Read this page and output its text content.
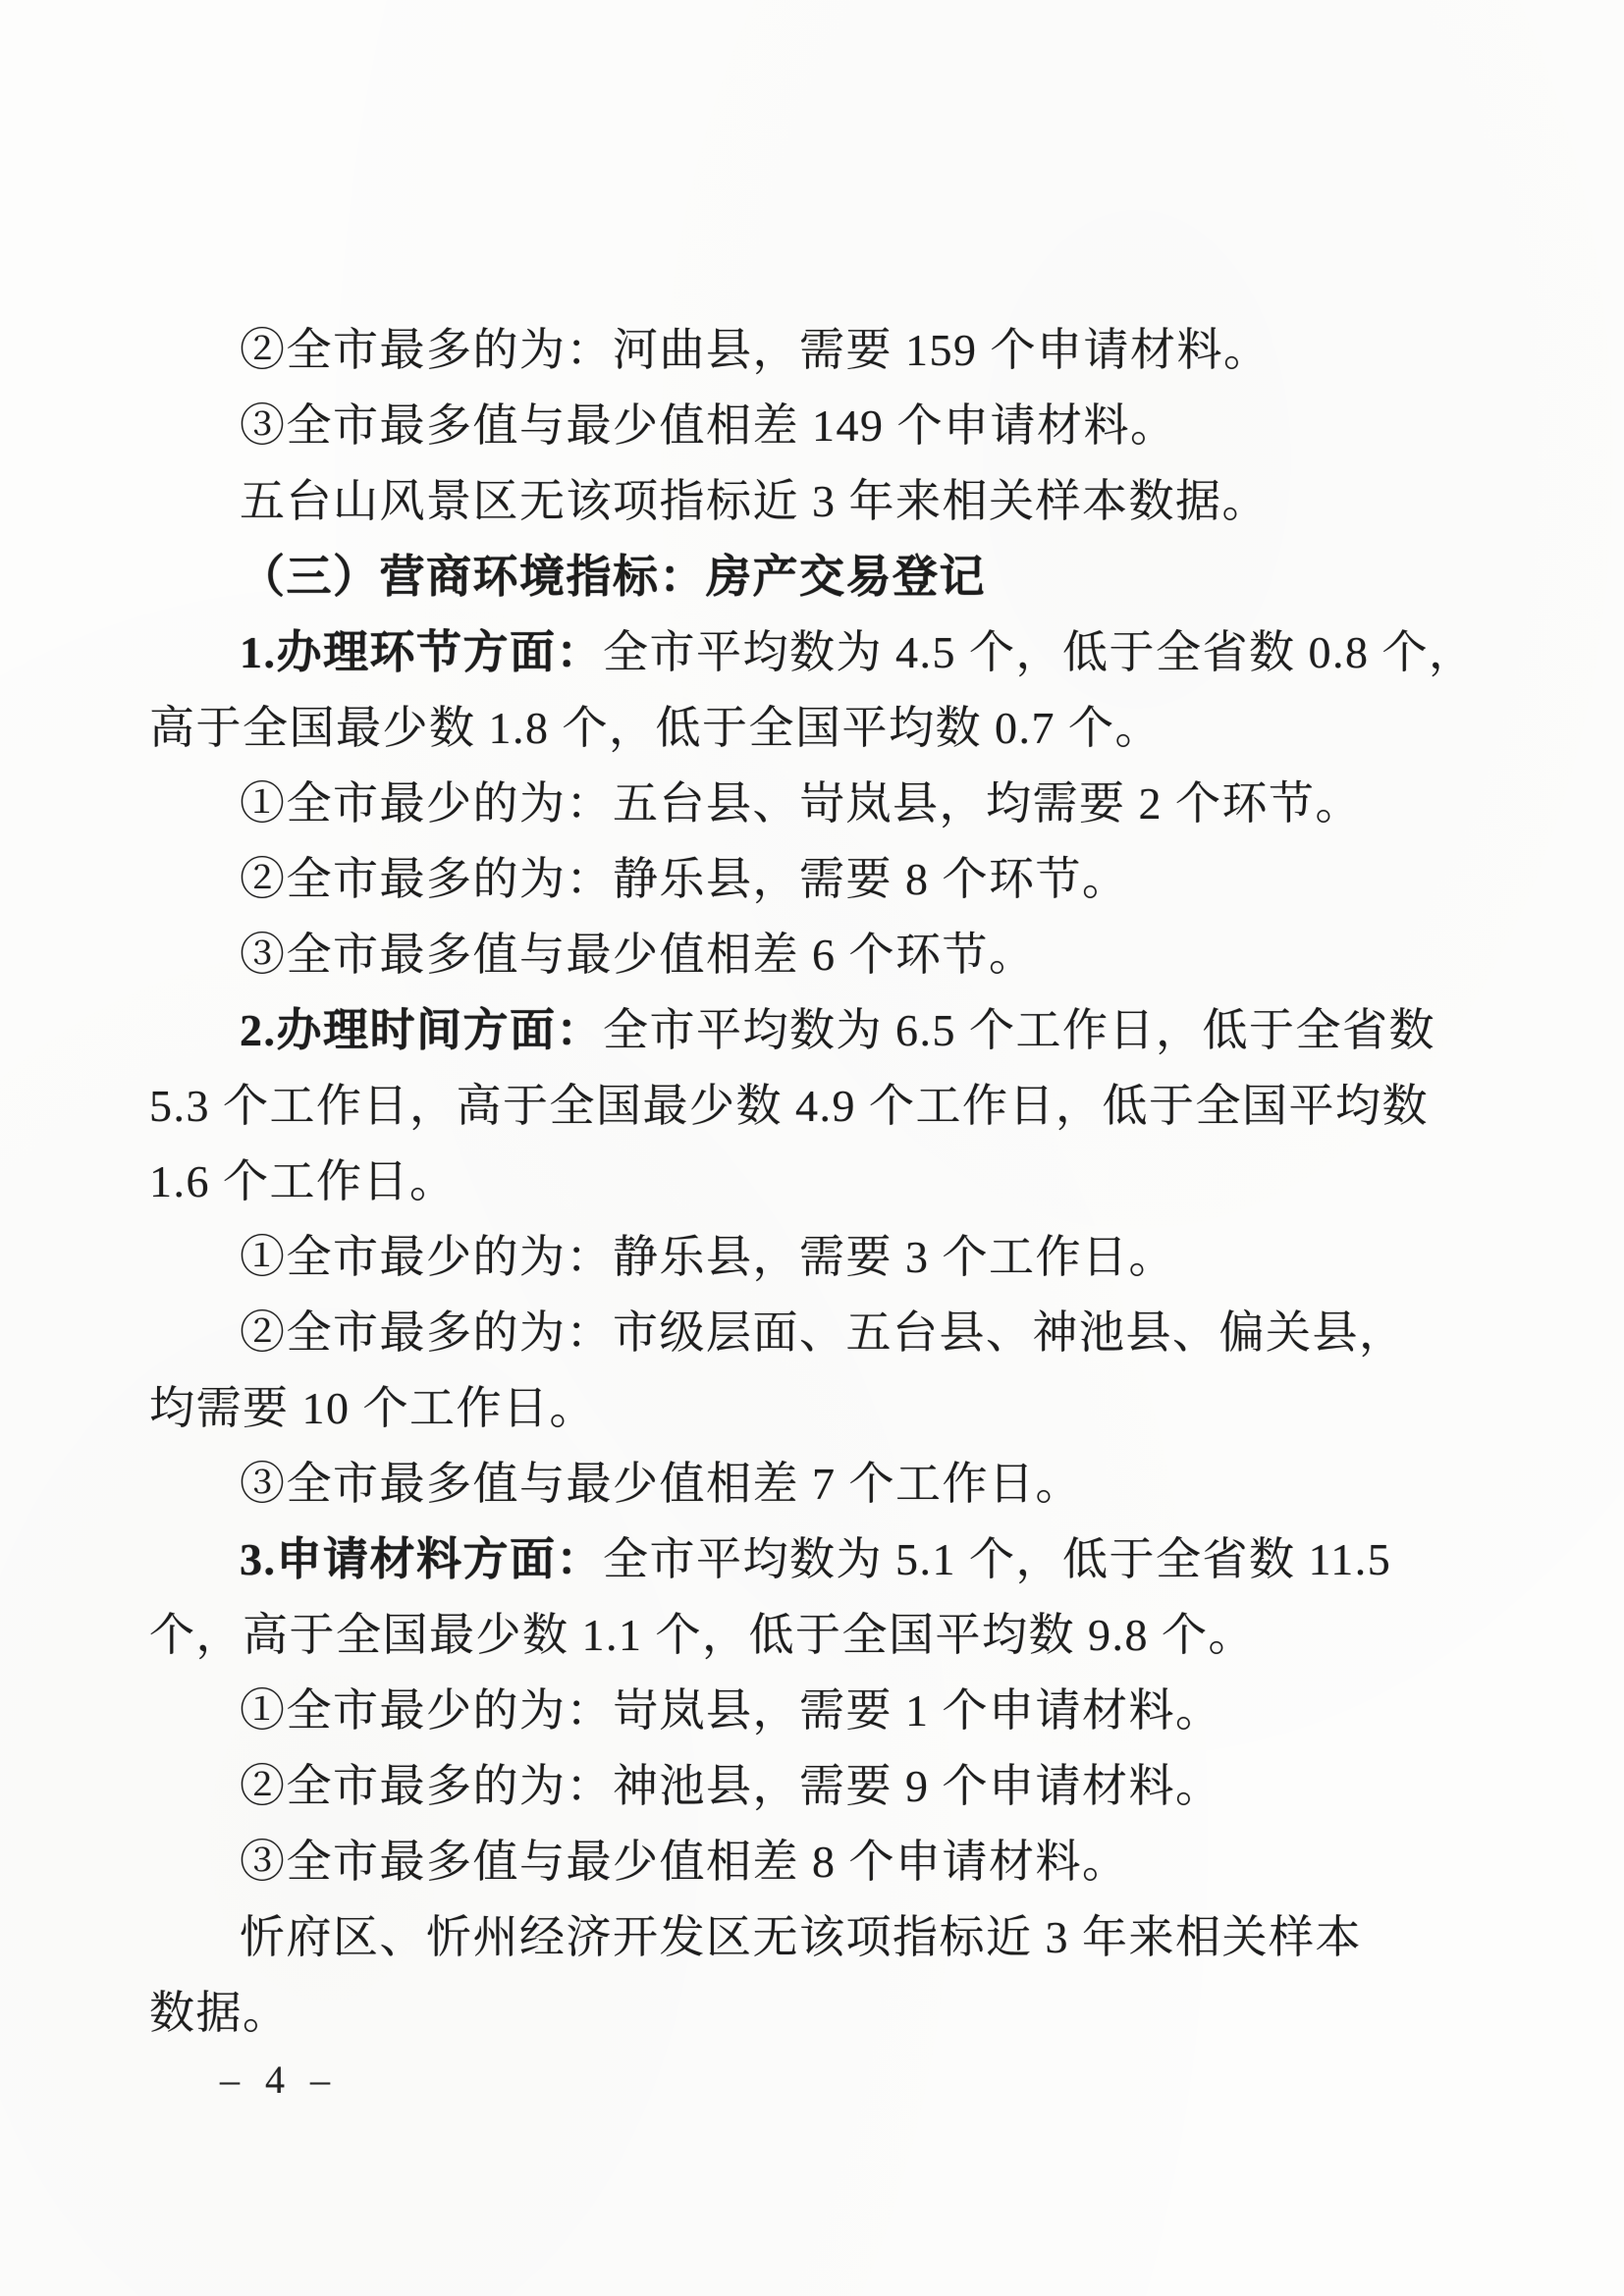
②全市最多的为：河曲县，需要 159 个申请材料。

③全市最多值与最少值相差 149 个申请材料。

五台山风景区无该项指标近 3 年来相关样本数据。

（三）营商环境指标：房产交易登记

1.办理环节方面：全市平均数为 4.5 个，低于全省数 0.8 个，

高于全国最少数 1.8 个，低于全国平均数 0.7 个。

①全市最少的为：五台县、岢岚县，均需要 2 个环节。

②全市最多的为：静乐县，需要 8 个环节。

③全市最多值与最少值相差 6 个环节。

2.办理时间方面：全市平均数为 6.5 个工作日，低于全省数

5.3 个工作日，高于全国最少数 4.9 个工作日，低于全国平均数

1.6 个工作日。

①全市最少的为：静乐县，需要 3 个工作日。

②全市最多的为：市级层面、五台县、神池县、偏关县，

均需要 10 个工作日。

③全市最多值与最少值相差 7 个工作日。

3.申请材料方面：全市平均数为 5.1 个，低于全省数 11.5

个，高于全国最少数 1.1 个，低于全国平均数 9.8 个。

①全市最少的为：岢岚县，需要 1 个申请材料。

②全市最多的为：神池县，需要 9 个申请材料。

③全市最多值与最少值相差 8 个申请材料。

忻府区、忻州经济开发区无该项指标近 3 年来相关样本

数据。

– 4 –
